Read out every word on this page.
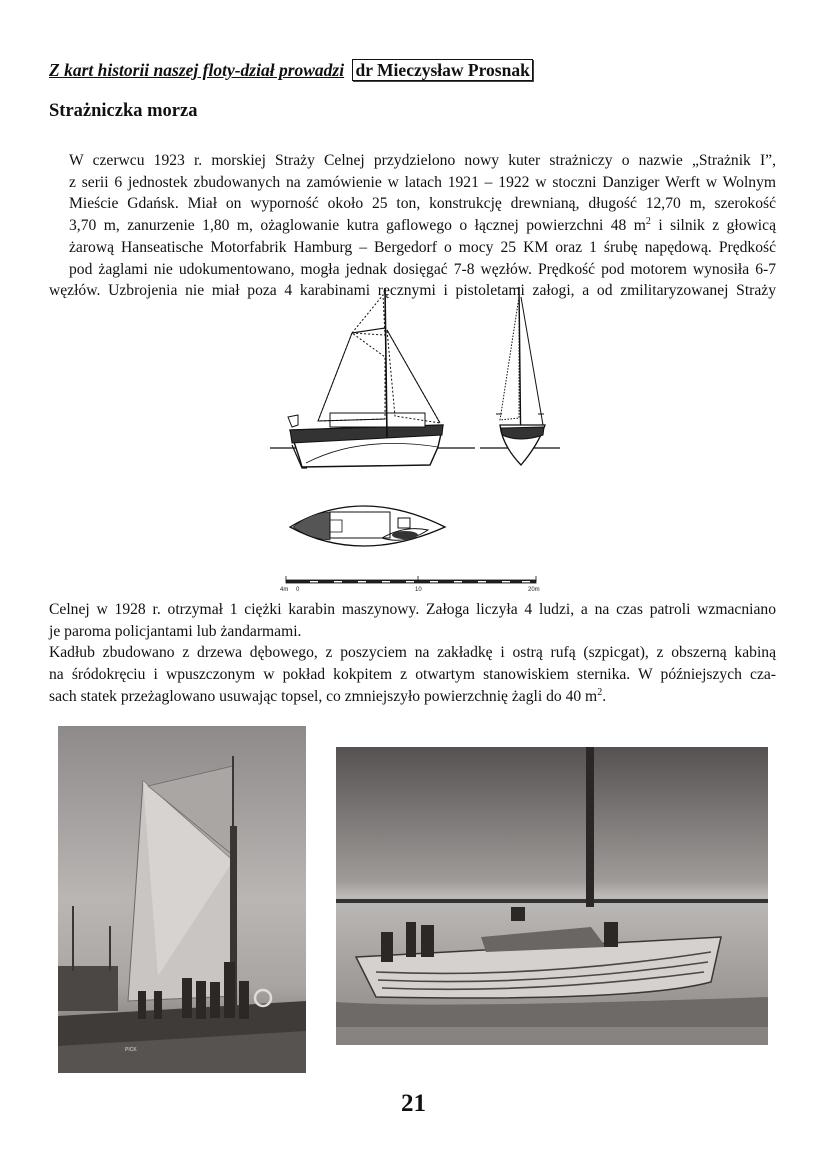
Z kart historii naszej floty-dział prowadzi dr Mieczysław Prosnak
Strażniczka morza
W czerwcu 1923 r. morskiej Straży Celnej przydzielono nowy kuter strażniczy o nazwie „Strażnik I”,
z serii 6 jednostek zbudowanych na zamówienie w latach 1921 – 1922 w stoczni Danziger Werft w Wolnym
Mieście Gdańsk. Miał on wyporność około 25 ton, konstrukcję drewnianą, długość 12,70 m, szerokość
3,70 m, zanurzenie 1,80 m, ożaglowanie kutra gaflowego o łącznej powierzchni 48 $m^2$ i silnik z głowicą
żarową Hanseatische Motorfabrik Hamburg – Bergedorf o mocy 25 KM oraz 1 śrubę napędową. Prędkość
pod żaglami nie udokumentowano, mogła jednak dosięgać 7-8 węzłów. Prędkość pod motorem wynosiła 6-7
węzłów. Uzbrojenia nie miał poza 4 karabinami ręcznymi i pistoletami załogi, a od zmilitaryzowanej Straży
4m 0	10	20m
Celnej w 1928 r. otrzymał 1 ciężki karabin maszynowy. Załoga liczyła 4 ludzi, a na czas patroli wzmacniano
je paroma policjantami lub żandarmami.
Kadłub zbudowano z drzewa dębowego, z poszyciem na zakładkę i ostrą rufą (szpicgat), z obszerną kabiną
na śródokręciu i wpuszczonym w pokład kokpitem z otwartym stanowiskiem sternika. W późniejszych cza-
sach statek przeżaglowano usuwając topsel, co zmniejszyło powierzchnię żagli do 40 $m^2$.
PICK
21
